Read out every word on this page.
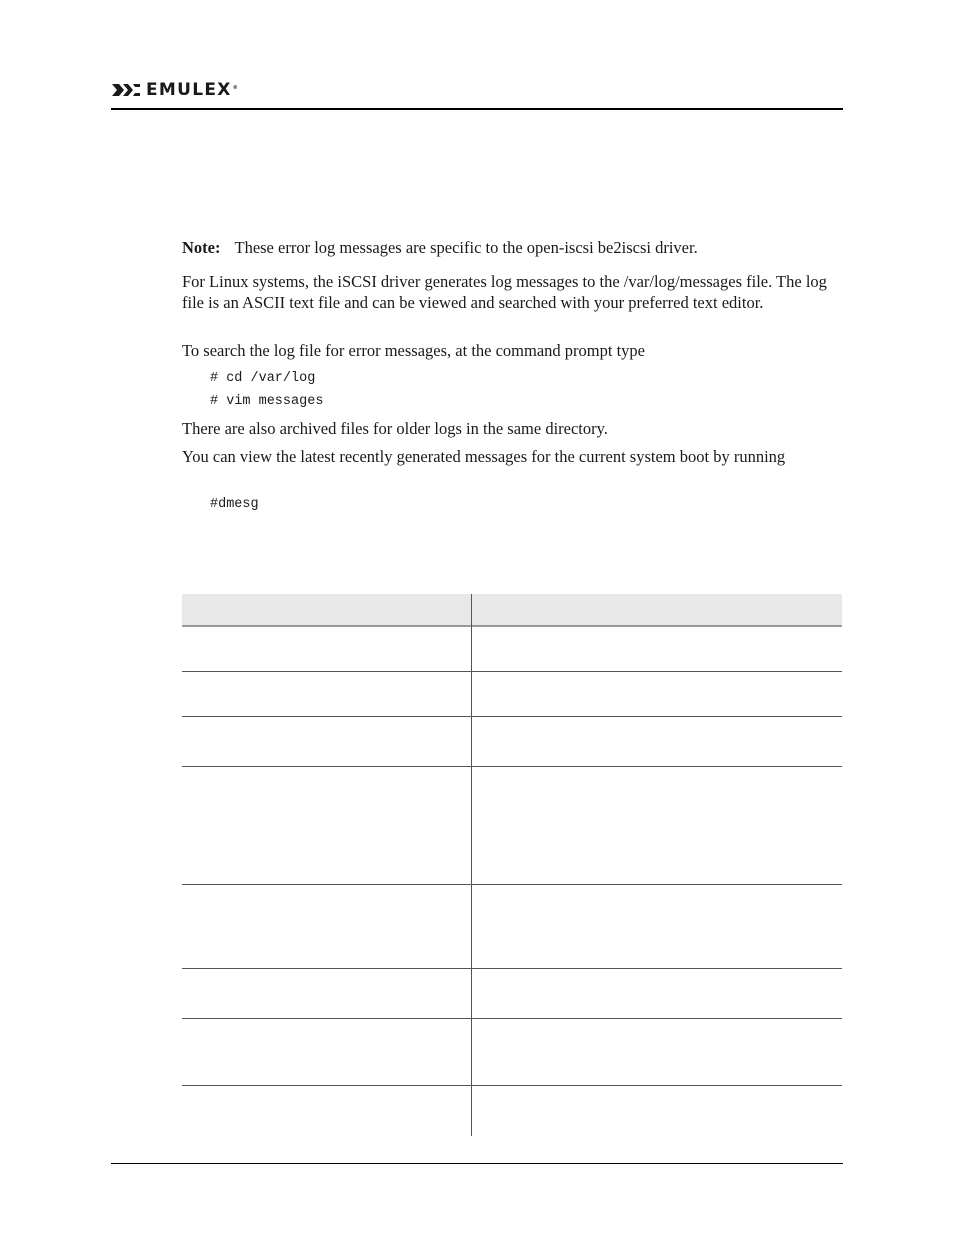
EMULEX®
Note: These error log messages are specific to the open-iscsi be2iscsi driver.
For Linux systems, the iSCSI driver generates log messages to the /var/log/messages file. The log file is an ASCII text file and can be viewed and searched with your preferred text editor.
To search the log file for error messages, at the command prompt type
# cd /var/log
# vim messages
There are also archived files for older logs in the same directory.
You can view the latest recently generated messages for the current system boot by running
#dmesg
